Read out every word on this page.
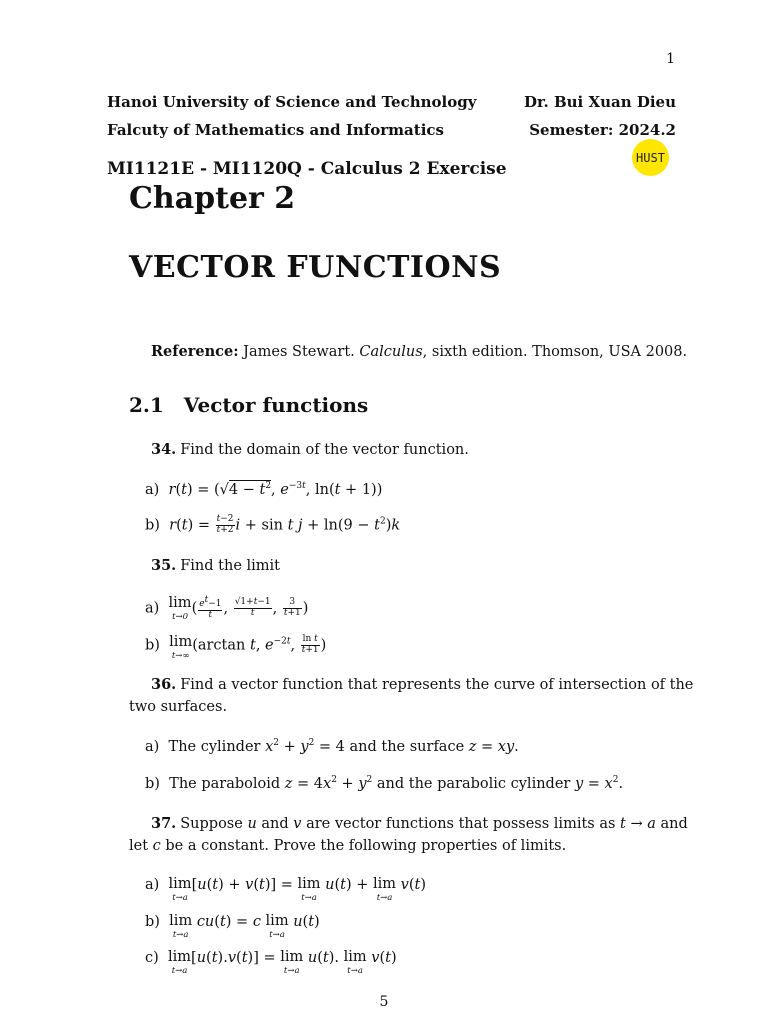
1
Hanoi University of Science and Technology
Falcuty of Mathematics and Informatics
Dr. Bui Xuan Dieu
Semester: 2024.2
HUST
MI1121E - MI1120Q - Calculus 2 Exercise
Chapter 2
VECTOR FUNCTIONS
Reference: James Stewart. Calculus, sixth edition. Thomson, USA 2008.
2.1 Vector functions
34. Find the domain of the vector function.
a)  $r(t) = (√4 - t^2$, $e^{-3t}$, ln(t + 1))
b)  $r(t) = \frac{t-2}{t+2}$ i + sin t $j + \ln(9 - t^2)k$
35. Find the limit
a) lim
t→0
( $\frac{e^t-1}{t}$ , $\frac{√1+t-1}{t}$ , $\frac{3}{t+1}$ )
b) lim
t→∞
(arctan t, $e^{-2t}$, $\frac{\text{ln t}}{t+1}$ )
36. Find a vector function that represents the curve of intersection of the
two surfaces.
a)  The cylinder $x^2 + y^2 = 4$ and the surface z = xy.
b)  The paraboloid $z = 4x^2 + y^2$ and the parabolic cylinder $y = x^2$.
37. Suppose u and v are vector functions that possess limits as t → a and
let c be a constant. Prove the following properties of limits.
a) lim
t→a
[u(t) + v(t)] = lim
t→a
u(t) + lim
t→a
v(t)
b) lim
t→a
cu(t) = c lim
t→a
u(t)
c) lim
t→a
[u(t).v(t)] = lim
t→a
u(t). lim
t→a
v(t)
5
